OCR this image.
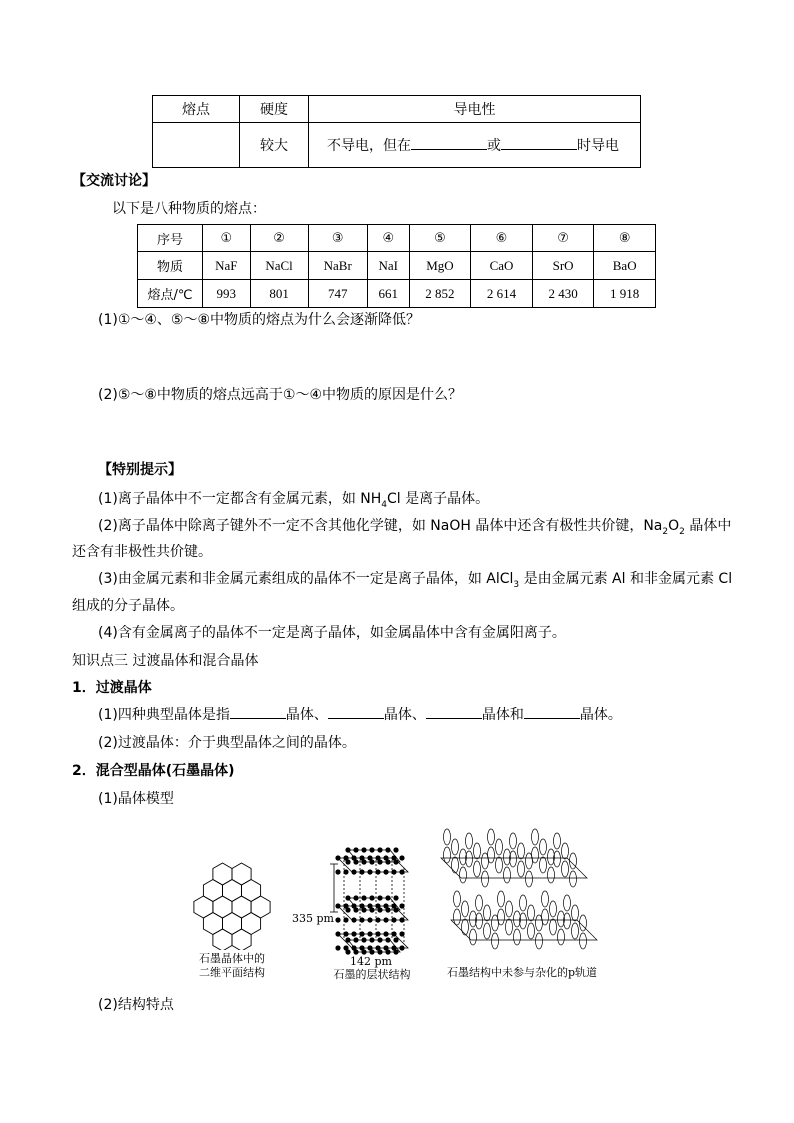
熔点	硬度	导电性
	较大	不导电，但在 或 时导电
【交流讨论】
以下是八种物质的熔点：
序号	①	②	③	④	⑤	⑥	⑦	⑧
物质	NaF	NaCl	NaBr	NaI	MgO	CaO	SrO	BaO
熔点/℃	993	801	747	661	2 852	2 614	2 430	1 918
(1)①～④、⑤～⑧中物质的熔点为什么会逐渐降低？
(2)⑤～⑧中物质的熔点远高于①～④中物质的原因是什么？
【特别提示】
(1)离子晶体中不一定都含有金属元素，如 $NH_4Cl$ 是离子晶体。
(2)离子晶体中除离子键外不一定不含其他化学键，如 NaOH 晶体中还含有极性共价键，$Na_2O_2$ 晶体中
还含有非极性共价键。
(3)由金属元素和非金属元素组成的晶体不一定是离子晶体，如 AlCl$_3$ 是由金属元素 Al 和非金属元素 Cl
组成的分子晶体。
(4)含有金属离子的晶体不一定是离子晶体，如金属晶体中含有金属阳离子。
知识点三 过渡晶体和混合晶体
1．过渡晶体
(1)四种典型晶体是指	晶体、	晶体、	晶体和	晶体。
(2)过渡晶体：介于典型晶体之间的晶体。
2．混合型晶体(石墨晶体)
(1)晶体模型
石墨晶体中的
二维平面结构
335 pm
142 pm
石墨的层状结构	石墨结构中未参与杂化的p轨道
(2)结构特点
